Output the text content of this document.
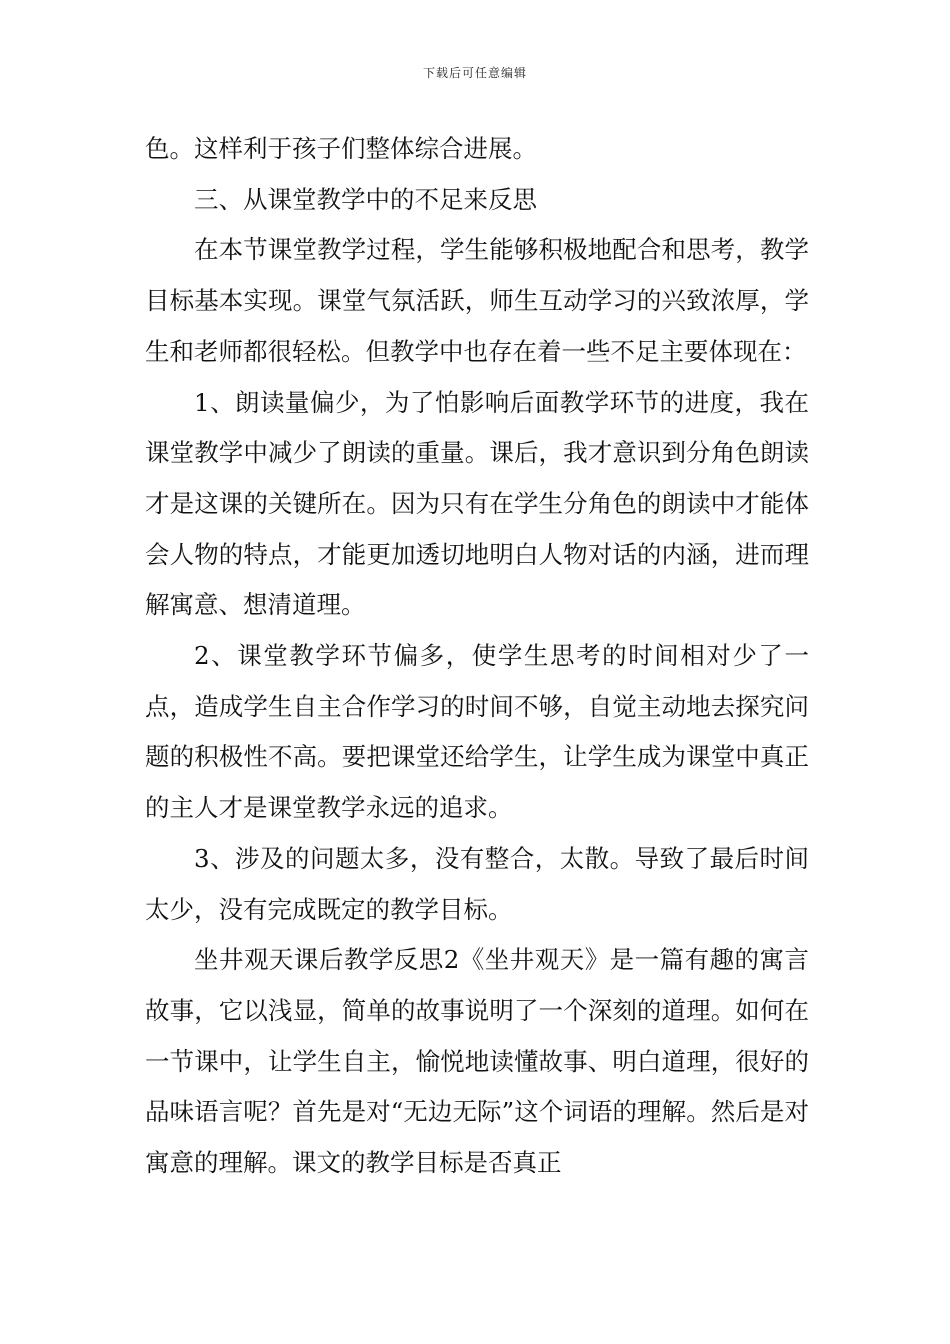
下载后可任意编辑

色。这样利于孩子们整体综合进展。

三、从课堂教学中的不足来反思

在本节课堂教学过程，学生能够积极地配合和思考，教学目标基本实现。课堂气氛活跃，师生互动学习的兴致浓厚，学生和老师都很轻松。但教学中也存在着一些不足主要体现在：

1、朗读量偏少，为了怕影响后面教学环节的进度，我在课堂教学中减少了朗读的重量。课后，我才意识到分角色朗读才是这课的关键所在。因为只有在学生分角色的朗读中才能体会人物的特点，才能更加透切地明白人物对话的内涵，进而理解寓意、想清道理。

2、课堂教学环节偏多，使学生思考的时间相对少了一点，造成学生自主合作学习的时间不够，自觉主动地去探究问题的积极性不高。要把课堂还给学生，让学生成为课堂中真正的主人才是课堂教学永远的追求。

3、涉及的问题太多，没有整合，太散。导致了最后时间太少，没有完成既定的教学目标。

坐井观天课后教学反思2《坐井观天》是一篇有趣的寓言故事，它以浅显，简单的故事说明了一个深刻的道理。如何在一节课中，让学生自主，愉悦地读懂故事、明白道理，很好的品味语言呢？首先是对“无边无际”这个词语的理解。然后是对寓意的理解。课文的教学目标是否真正
